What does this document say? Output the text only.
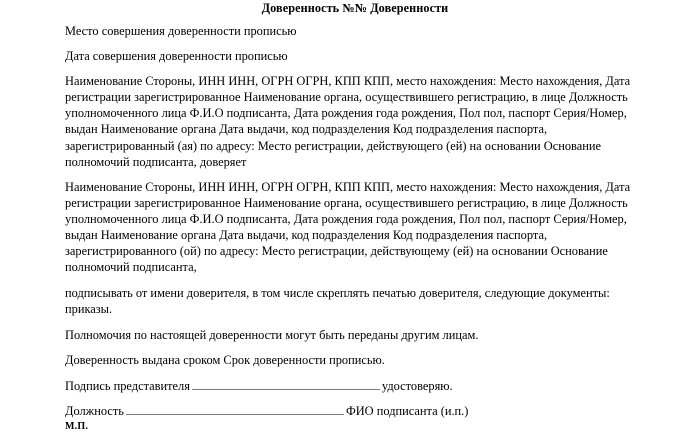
Доверенность №№ Доверенности

Место совершения доверенности прописью

Дата совершения доверенности прописью

Наименование Стороны, ИНН ИНН, ОГРН ОГРН, КПП КПП, место нахождения: Место нахождения, Дата регистрации зарегистрированное Наименование органа, осуществившего регистрацию, в лице Должность уполномоченного лица Ф.И.О подписанта, Дата рождения года рождения, Пол пол, паспорт Серия/Номер, выдан Наименование органа Дата выдачи, код подразделения Код подразделения паспорта, зарегистрированный (ая) по адресу: Место регистрации, действующего (ей) на основании Основание полномочий подписанта, доверяет

Наименование Стороны, ИНН ИНН, ОГРН ОГРН, КПП КПП, место нахождения: Место нахождения, Дата регистрации зарегистрированное Наименование органа, осуществившего регистрацию, в лице Должность уполномоченного лица Ф.И.О подписанта, Дата рождения года рождения, Пол пол, паспорт Серия/Номер, выдан Наименование органа Дата выдачи, код подразделения Код подразделения паспорта, зарегистрированного (ой) по адресу: Место регистрации, действующему (ей) на основании Основание полномочий подписанта,

подписывать от имени доверителя, в том числе скреплять печатью доверителя, следующие документы: приказы.

Полномочия по настоящей доверенности могут быть переданы другим лицам.

Доверенность выдана сроком Срок доверенности прописью.

Подпись представителя	удостоверяю.
Должность	ФИО подписанта (и.п.)
М.П.
